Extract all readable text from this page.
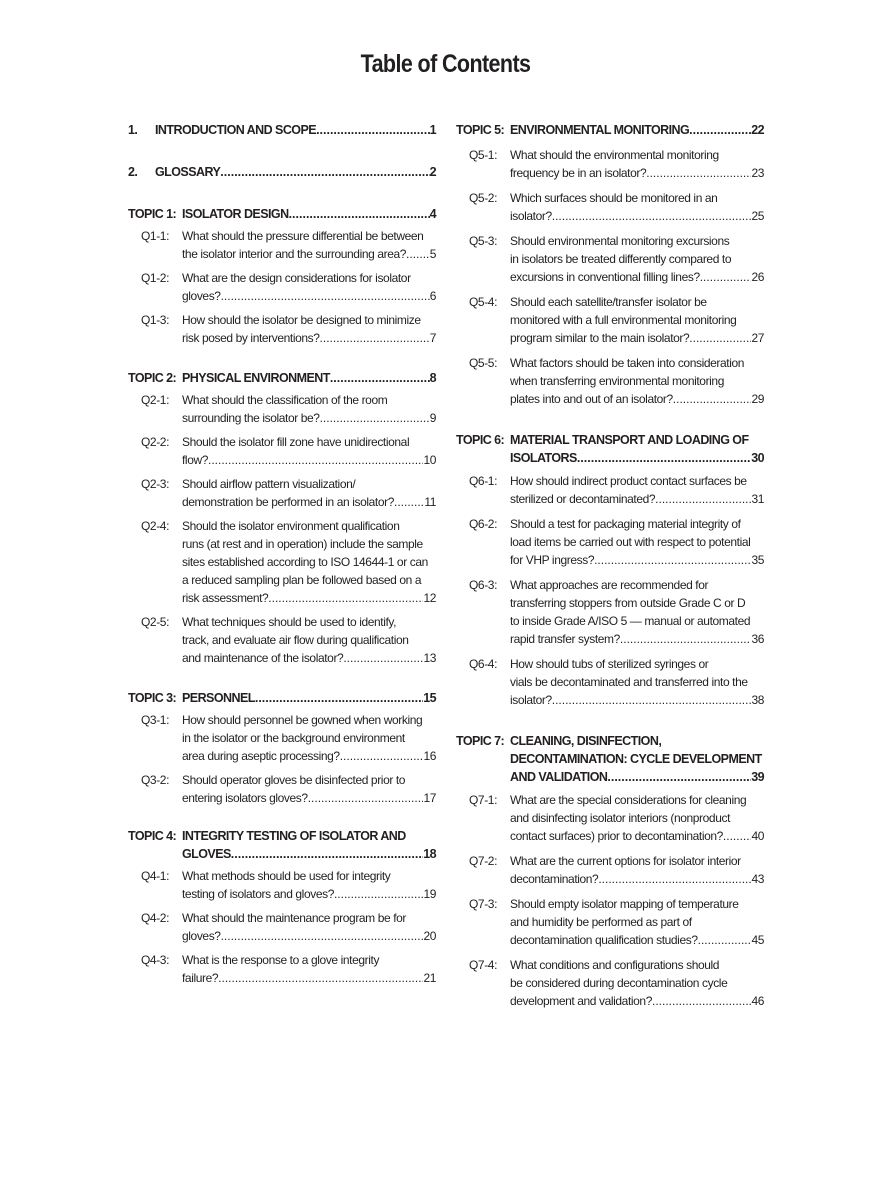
Table of Contents
1. INTRODUCTION AND SCOPE .....	1
2. GLOSSARY .....	2
TOPIC 1: ISOLATOR DESIGN .....	4
Q1-1: What should the pressure differential be between
the isolator interior and the surrounding area? ..... 5
Q1-2: What are the design considerations for isolator
gloves? .....	6
Q1-3: How should the isolator be designed to minimize
risk posed by interventions? .....	7
TOPIC 2: PHYSICAL ENVIRONMENT .....	8
Q2-1: What should the classification of the room
surrounding the isolator be? .....	9
Q2-2: Should the isolator fill zone have unidirectional
flow? .....	10
Q2-3: Should airflow pattern visualization/
demonstration be performed in an isolator? .....	11
Q2-4: Should the isolator environment qualification
runs (at rest and in operation) include the sample
sites established according to ISO 14644-1 or can
a reduced sampling plan be followed based on a
risk assessment? .....	12
Q2-5: What techniques should be used to identify,
track, and evaluate air flow during qualification
and maintenance of the isolator? .....	13
TOPIC 3: PERSONNEL .....	15
Q3-1: How should personnel be gowned when working
in the isolator or the background environment
area during aseptic processing? .....	16
Q3-2: Should operator gloves be disinfected prior to
entering isolators gloves? .....	17
TOPIC 4: INTEGRITY TESTING OF ISOLATOR AND
GLOVES .....	18
Q4-1: What methods should be used for integrity
testing of isolators and gloves? .....	19
Q4-2: What should the maintenance program be for
gloves? .....	20
Q4-3: What is the response to a glove integrity
failure? .....	21
TOPIC 5: ENVIRONMENTAL MONITORING .....	22
Q5-1: What should the environmental monitoring
frequency be in an isolator? .....	23
Q5-2: Which surfaces should be monitored in an
isolator? .....	25
Q5-3: Should environmental monitoring excursions
in isolators be treated differently compared to
excursions in conventional filling lines? .....	26
Q5-4: Should each satellite/transfer isolator be
monitored with a full environmental monitoring
program similar to the main isolator? .....	27
Q5-5: What factors should be taken into consideration
when transferring environmental monitoring
plates into and out of an isolator? .....	29
TOPIC 6: MATERIAL TRANSPORT AND LOADING OF
ISOLATORS .....	30
Q6-1: How should indirect product contact surfaces be
sterilized or decontaminated? .....	31
Q6-2: Should a test for packaging material integrity of
load items be carried out with respect to potential
for VHP ingress? .....	35
Q6-3: What approaches are recommended for
transferring stoppers from outside Grade C or D
to inside Grade A/ISO 5 — manual or automated
rapid transfer system? .....	36
Q6-4: How should tubs of sterilized syringes or
vials be decontaminated and transferred into the
isolator? .....	38
TOPIC 7: CLEANING, DISINFECTION,
DECONTAMINATION: CYCLE DEVELOPMENT
AND VALIDATION .....	39
Q7-1: What are the special considerations for cleaning
and disinfecting isolator interiors (nonproduct
contact surfaces) prior to decontamination? ..... 40
Q7-2: What are the current options for isolator interior
decontamination? .....	43
Q7-3: Should empty isolator mapping of temperature
and humidity be performed as part of
decontamination qualification studies? .....	45
Q7-4: What conditions and configurations should
be considered during decontamination cycle
development and validation? .....	46
